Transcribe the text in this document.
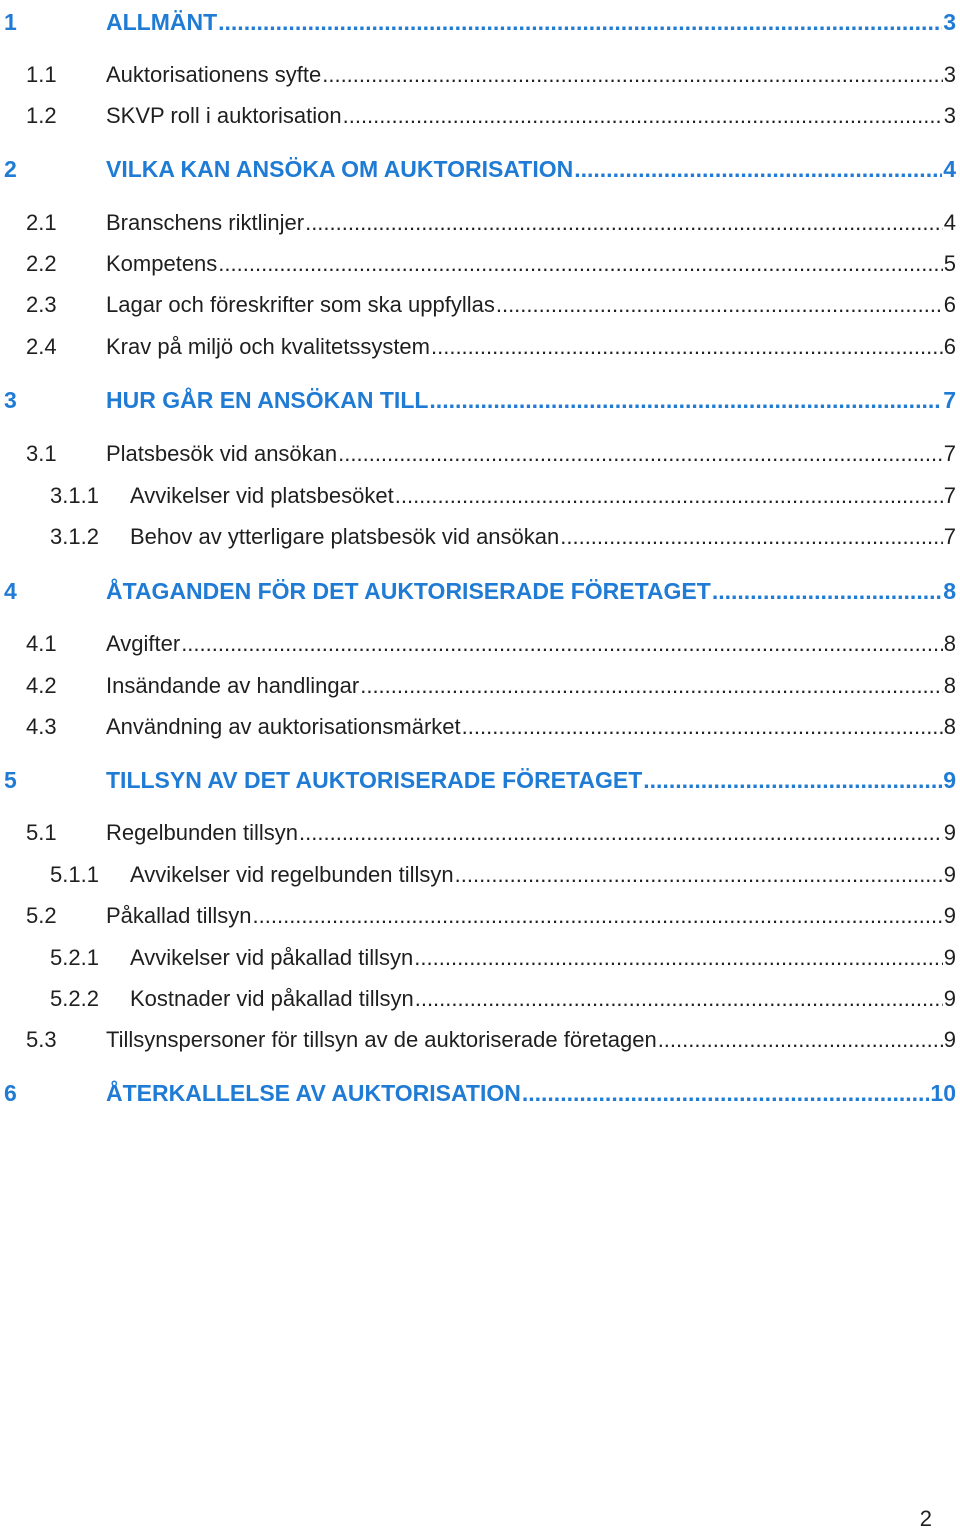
1	ALLMÄNT .....	3
1.1 Auktorisationens syfte .....	3
1.2 SKVP roll i auktorisation .....	3
2	VILKA KAN ANSÖKA OM AUKTORISATION .....	4
2.1 Branschens riktlinjer .....	4
2.2 Kompetens .....	5
2.3 Lagar och föreskrifter som ska uppfyllas .....	6
2.4 Krav på miljö och kvalitetssystem .....	6
3	HUR GÅR EN ANSÖKAN TILL .....	7
3.1 Platsbesök vid ansökan .....	7
3.1.1 Avvikelser vid platsbesöket .....	7
3.1.2 Behov av ytterligare platsbesök vid ansökan .....	7
4	ÅTAGANDEN FÖR DET AUKTORISERADE FÖRETAGET .....	8
4.1 Avgifter .....	8
4.2 Insändande av handlingar .....	8
4.3 Användning av auktorisationsmärket .....	8
5	TILLSYN AV DET AUKTORISERADE FÖRETAGET .....	9
5.1 Regelbunden tillsyn .....	9
5.1.1 Avvikelser vid regelbunden tillsyn .....	9
5.2 Påkallad tillsyn .....	9
5.2.1 Avvikelser vid påkallad tillsyn .....	9
5.2.2 Kostnader vid påkallad tillsyn .....	9
5.3 Tillsynspersoner för tillsyn av de auktoriserade företagen .....	9
6	ÅTERKALLELSE AV AUKTORISATION .....	10
2
